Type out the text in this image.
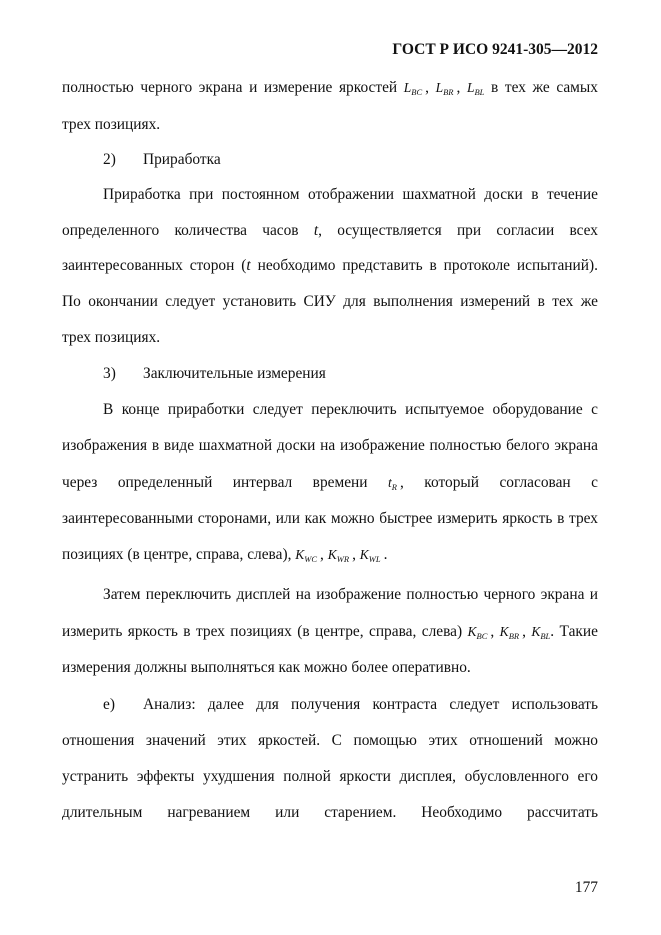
ГОСТ Р ИСО 9241-305—2012
полностью черного экрана и измерение яркостей $L_{BC}$ , $L_{BR}$ , $L_{BL}$ в тех же самых
трех позициях.
2) Приработка
Приработка при постоянном отображении шахматной доски в течение
определенного количества часов t, осуществляется при согласии всех
заинтересованных сторон (t необходимо представить в протоколе испытаний).
По окончании следует установить СИУ для выполнения измерений в тех же
трех позициях.
3) Заключительные измерения
В конце приработки следует переключить испытуемое оборудование с
изображения в виде шахматной доски на изображение полностью белого экрана
через определенный интервал времени $t_R$ , который согласован с
заинтересованными сторонами, или как можно быстрее измерить яркость в трех
позициях (в центре, справа, слева), $K_{WC}$ , $K_{WR}$ , $K_{WL}$ .
Затем переключить дисплей на изображение полностью черного экрана и
измерить яркость в трех позициях (в центре, справа, слева) $K_{BC}$ , $K_{BR}$ , $K_{BL}$. Такие
измерения должны выполняться как можно более оперативно.
е) Анализ: далее для получения контраста следует использовать
отношения значений этих яркостей. С помощью этих отношений можно
устранить эффекты ухудшения полной яркости дисплея, обусловленного его
длительным нагреванием или старением. Необходимо рассчитать
177
